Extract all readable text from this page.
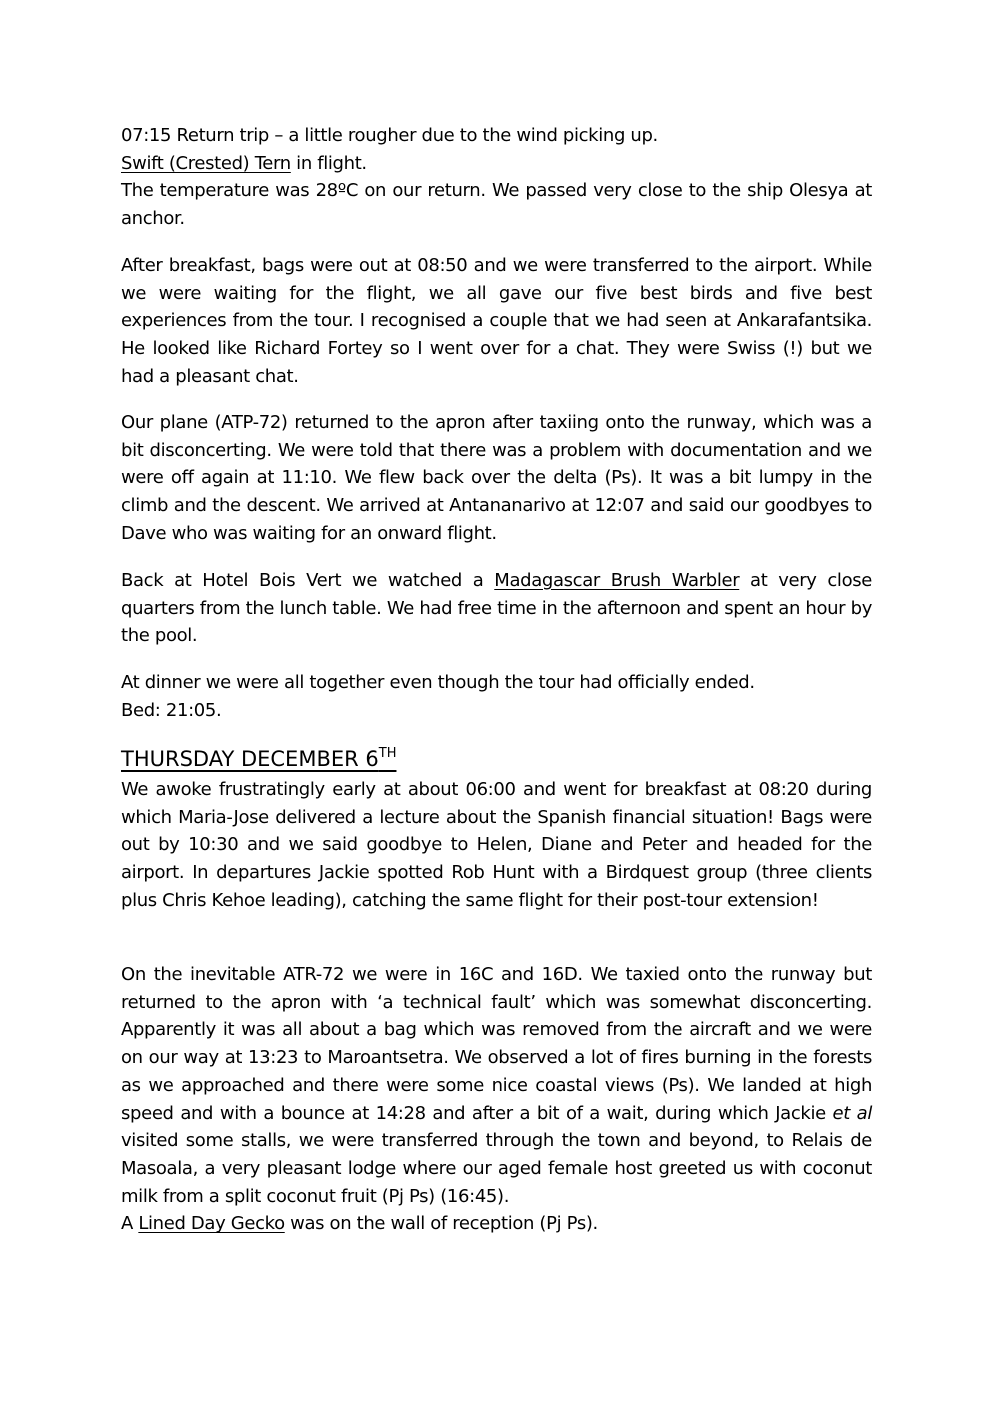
07:15 Return trip – a little rougher due to the wind picking up.

Swift (Crested) Tern in flight.

The temperature was 28ºC on our return. We passed very close to the ship Olesya at anchor.

After breakfast, bags were out at 08:50 and we were transferred to the airport. While we were waiting for the flight, we all gave our five best birds and five best experiences from the tour. I recognised a couple that we had seen at Ankarafantsika. He looked like Richard Fortey so I went over for a chat. They were Swiss (!) but we had a pleasant chat.

Our plane (ATP-72) returned to the apron after taxiing onto the runway, which was a bit disconcerting. We were told that there was a problem with documentation and we were off again at 11:10. We flew back over the delta (Ps). It was a bit lumpy in the climb and the descent. We arrived at Antananarivo at 12:07 and said our goodbyes to Dave who was waiting for an onward flight.

Back at Hotel Bois Vert we watched a Madagascar Brush Warbler at very close quarters from the lunch table. We had free time in the afternoon and spent an hour by the pool.

At dinner we were all together even though the tour had officially ended.

Bed: 21:05.

THURSDAY DECEMBER 6TH

We awoke frustratingly early at about 06:00 and went for breakfast at 08:20 during which Maria-Jose delivered a lecture about the Spanish financial situation! Bags were out by 10:30 and we said goodbye to Helen, Diane and Peter and headed for the airport. In departures Jackie spotted Rob Hunt with a Birdquest group (three clients plus Chris Kehoe leading), catching the same flight for their post-tour extension!

On the inevitable ATR-72 we were in 16C and 16D. We taxied onto the runway but returned to the apron with ‘a technical fault’ which was somewhat disconcerting. Apparently it was all about a bag which was removed from the aircraft and we were on our way at 13:23 to Maroantsetra. We observed a lot of fires burning in the forests as we approached and there were some nice coastal views (Ps). We landed at high speed and with a bounce at 14:28 and after a bit of a wait, during which Jackie et al visited some stalls, we were transferred through the town and beyond, to Relais de Masoala, a very pleasant lodge where our aged female host greeted us with coconut milk from a split coconut fruit (Pj Ps) (16:45).

A Lined Day Gecko was on the wall of reception (Pj Ps).
